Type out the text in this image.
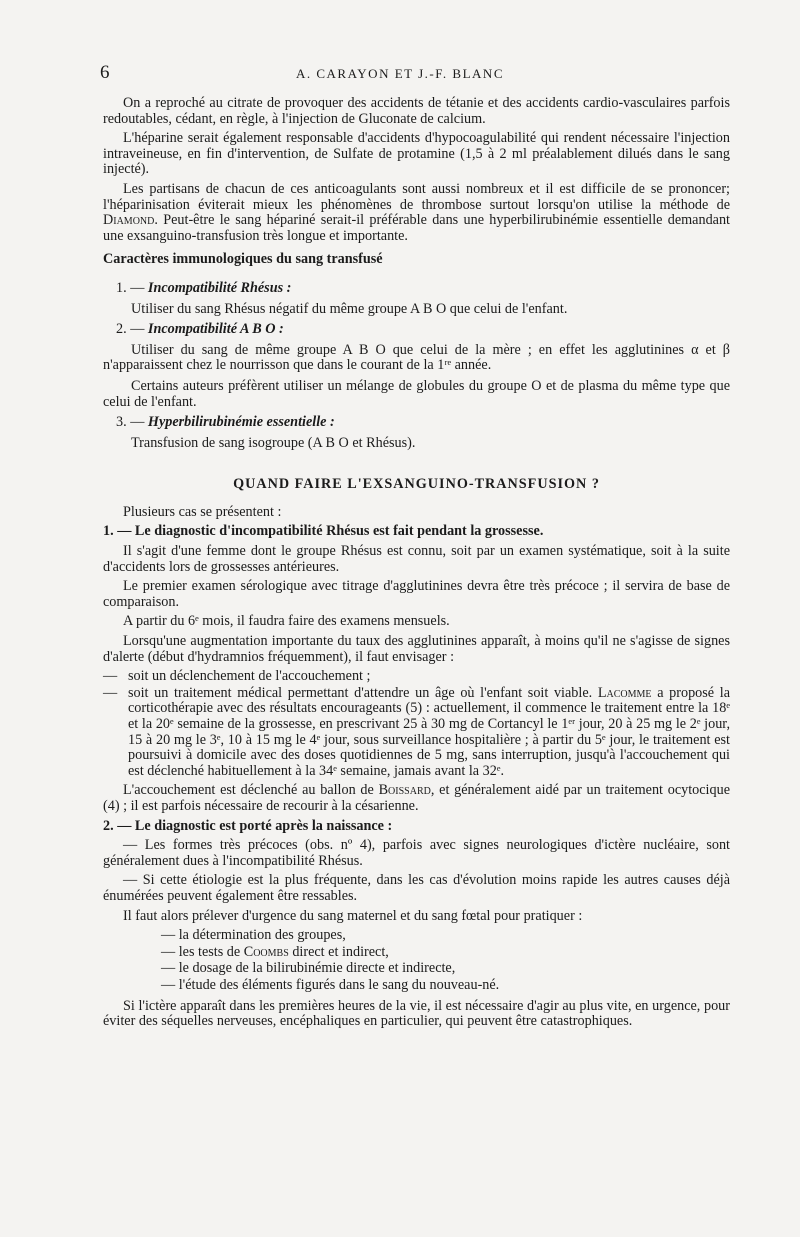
6	A. CARAYON ET J.-F. BLANC

On a reproché au citrate de provoquer des accidents de tétanie et des accidents cardio-vasculaires parfois redoutables, cédant, en règle, à l'injection de Gluconate de calcium.

L'héparine serait également responsable d'accidents d'hypocoagulabilité qui rendent nécessaire l'injection intraveineuse, en fin d'intervention, de Sulfate de protamine (1,5 à 2 ml préalablement dilués dans le sang injecté).

Les partisans de chacun de ces anticoagulants sont aussi nombreux et il est difficile de se prononcer; l'héparinisation éviterait mieux les phénomènes de thrombose surtout lorsqu'on utilise la méthode de Diamond. Peut-être le sang hépariné serait-il préférable dans une hyperbilirubinémie essentielle demandant une exsanguino-transfusion très longue et importante.

Caractères immunologiques du sang transfusé
1. — Incompatibilité Rhésus :

Utiliser du sang Rhésus négatif du même groupe A B O que celui de l'enfant.

2. — Incompatibilité A B O :

Utiliser du sang de même groupe A B O que celui de la mère ; en effet les agglutinines α et β n'apparaissent chez le nourrisson que dans le courant de la 1ʳᵉ année.

Certains auteurs préfèrent utiliser un mélange de globules du groupe O et de plasma du même type que celui de l'enfant.

3. — Hyperbilirubinémie essentielle :

Transfusion de sang isogroupe (A B O et Rhésus).

QUAND FAIRE L'EXSANGUINO-TRANSFUSION ?

Plusieurs cas se présentent :

1. — Le diagnostic d'incompatibilité Rhésus est fait pendant la grossesse.

Il s'agit d'une femme dont le groupe Rhésus est connu, soit par un examen systématique, soit à la suite d'accidents lors de grossesses antérieures.

Le premier examen sérologique avec titrage d'agglutinines devra être très précoce ; il servira de base de comparaison.

A partir du 6ᵉ mois, il faudra faire des examens mensuels.

Lorsqu'une augmentation importante du taux des agglutinines apparaît, à moins qu'il ne s'agisse de signes d'alerte (début d'hydramnios fréquemment), il faut envisager :

— soit un déclenchement de l'accouchement ;
— soit un traitement médical permettant d'attendre un âge où l'enfant soit viable. Lacomme a proposé la corticothérapie avec des résultats encourageants (5) : actuellement, il commence le traitement entre la 18ᵉ et la 20ᵉ semaine de la grossesse, en prescrivant 25 à 30 mg de Cortancyl le 1ᵉʳ jour, 20 à 25 mg le 2ᵉ jour, 15 à 20 mg le 3ᵉ, 10 à 15 mg le 4ᵉ jour, sous surveillance hospitalière ; à partir du 5ᵉ jour, le traitement est poursuivi à domicile avec des doses quotidiennes de 5 mg, sans interruption, jusqu'à l'accouchement qui est déclenché habituellement à la 34ᵉ semaine, jamais avant la 32ᵉ.

L'accouchement est déclenché au ballon de Boissard, et généralement aidé par un traitement ocytocique (4) ; il est parfois nécessaire de recourir à la césarienne.

2. — Le diagnostic est porté après la naissance :

— Les formes très précoces (obs. nº 4), parfois avec signes neurologiques d'ictère nucléaire, sont généralement dues à l'incompatibilité Rhésus.

— Si cette étiologie est la plus fréquente, dans les cas d'évolution moins rapide les autres causes déjà énumérées peuvent également être ressables.

Il faut alors prélever d'urgence du sang maternel et du sang fœtal pour pratiquer :

— la détermination des groupes,
— les tests de Coombs direct et indirect,
— le dosage de la bilirubinémie directe et indirecte,
— l'étude des éléments figurés dans le sang du nouveau-né.

Si l'ictère apparaît dans les premières heures de la vie, il est nécessaire d'agir au plus vite, en urgence, pour éviter des séquelles nerveuses, encéphaliques en particulier, qui peuvent être catastrophiques.
